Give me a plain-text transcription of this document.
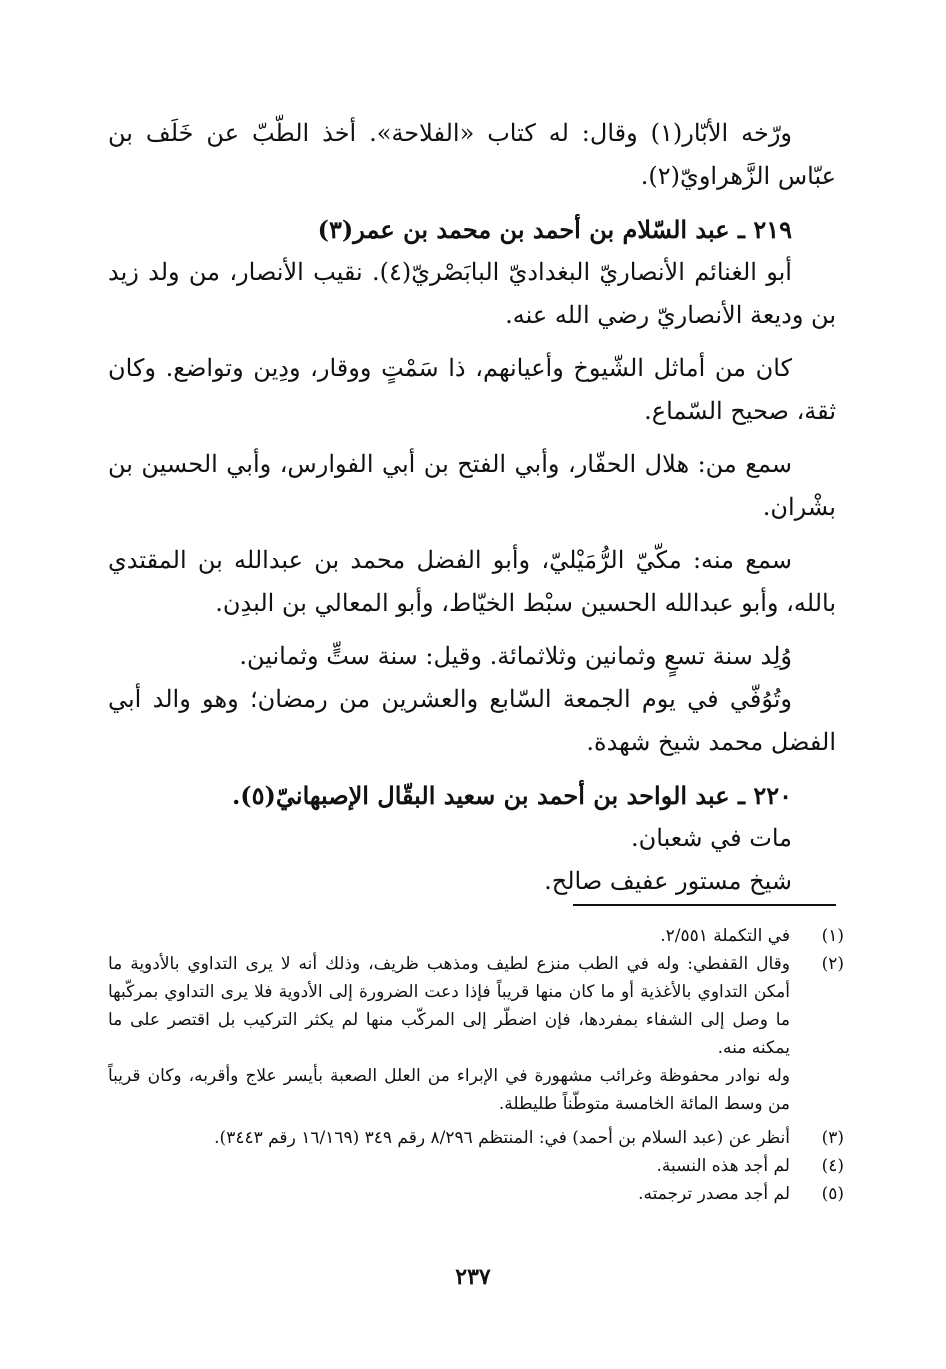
ورّخه الأبّار(١) وقال: له كتاب «الفلاحة». أخذ الطّبّ عن خَلَف بن عبّاس الزَّهراويّ(٢).

٢١٩ ـ عبد السّلام بن أحمد بن محمد بن عمر(٣)

أبو الغنائم الأنصاريّ البغداديّ البابَصْريّ(٤). نقيب الأنصار، من ولد زيد بن وديعة الأنصاريّ رضي الله عنه.

كان من أماثل الشّيوخ وأعيانهم، ذا سَمْتٍ ووقار، ودِين وتواضع. وكان ثقة، صحيح السّماع.

سمع من: هلال الحفّار، وأبي الفتح بن أبي الفوارس، وأبي الحسين بن بشْران.

سمع منه: مكّيّ الرُّمَيْليّ، وأبو الفضل محمد بن عبدالله بن المقتدي بالله، وأبو عبدالله الحسين سبْط الخيّاط، وأبو المعالي بن البدِن.

وُلِد سنة تسعٍ وثمانين وثلاثمائة. وقيل: سنة ستٍّ وثمانين.

وتُوُفّي في يوم الجمعة السّابع والعشرين من رمضان؛ وهو والد أبي الفضل محمد شيخ شهدة.

٢٢٠ ـ عبد الواحد بن أحمد بن سعيد البقّال الإصبهانيّ(٥).

مات في شعبان.

شيخ مستور عفيف صالح.

(١)
في التكملة ٢/٥٥١.
(٢)
وقال القفطي: وله في الطب منزع لطيف ومذهب ظريف، وذلك أنه لا يرى التداوي بالأدوية ما أمكن التداوي بالأغذية أو ما كان منها قريباً فإذا دعت الضرورة إلى الأدوية فلا يرى التداوي بمركّبها ما وصل إلى الشفاء بمفردها، فإن اضطّر إلى المركّب منها لم يكثر التركيب بل اقتصر على ما يمكنه منه.
وله نوادر محفوظة وغرائب مشهورة في الإبراء من العلل الصعبة بأيسر علاج وأقربه، وكان قريباً من وسط المائة الخامسة متوطّناً طليطلة.
(٣)
أنظر عن (عبد السلام بن أحمد) في: المنتظم ٨/٢٩٦ رقم ٣٤٩ (١٦/١٦٩ رقم ٣٤٤٣).
(٤)
لم أجد هذه النسبة.
(٥)
لم أجد مصدر ترجمته.
٢٣٧
